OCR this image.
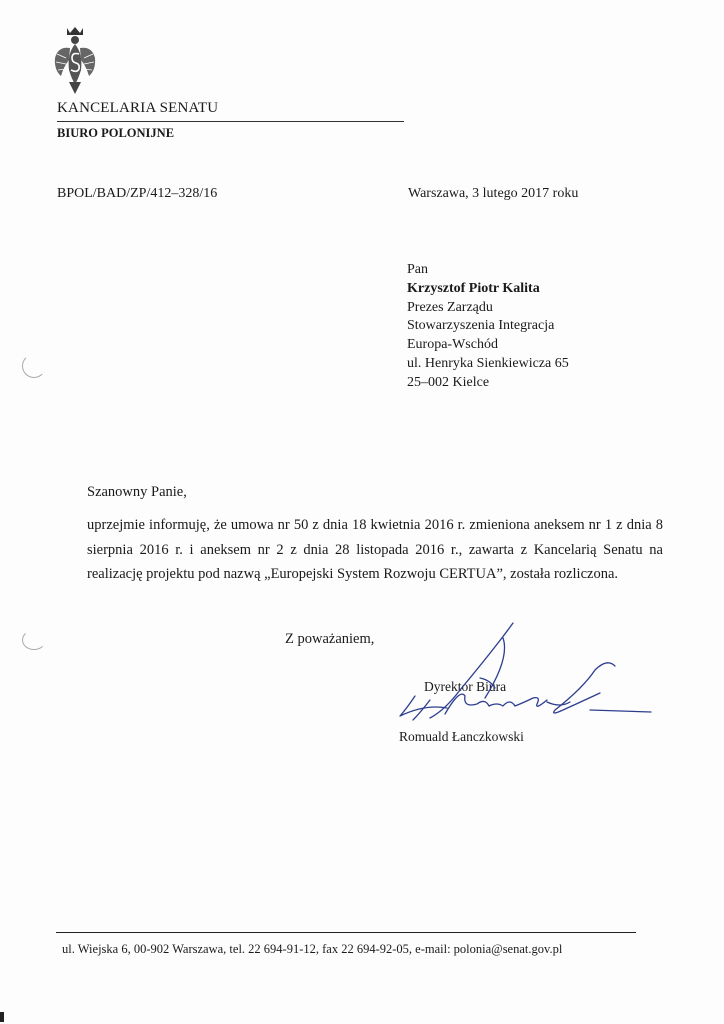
KANCELARIA SENATU
BIURO POLONIJNE
BPOL/BAD/ZP/412–328/16	Warszawa, 3 lutego 2017 roku
Pan
Krzysztof Piotr Kalita
Prezes Zarządu
Stowarzyszenia Integracja
Europa-Wschód
ul. Henryka Sienkiewicza 65
25–002 Kielce
Szanowny Panie,
uprzejmie informuję, że umowa nr 50 z dnia 18 kwietnia 2016 r. zmieniona aneksem nr 1 z dnia 8 sierpnia 2016 r. i aneksem nr 2 z dnia 28 listopada 2016 r., zawarta z Kancelarią Senatu na realizację projektu pod nazwą „Europejski System Rozwoju CERTUA”, została rozliczona.
Z poważaniem,
Dyrektor Biura
Romuald Łanczkowski
ul. Wiejska 6, 00-902 Warszawa, tel. 22 694-91-12, fax 22 694-92-05, e-mail: polonia@senat.gov.pl
